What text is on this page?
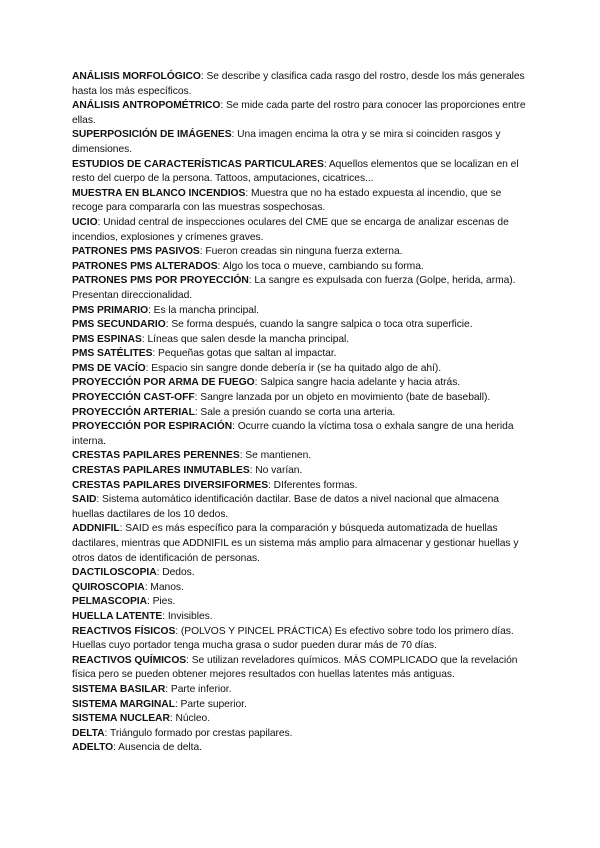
ANÁLISIS MORFOLÓGICO: Se describe y clasifica cada rasgo del rostro, desde los más generales hasta los más específicos.

ANÁLISIS ANTROPOMÉTRICO: Se mide cada parte del rostro para conocer las proporciones entre ellas.

SUPERPOSICIÓN DE IMÁGENES: Una imagen encima la otra y se mira si coinciden rasgos y dimensiones.

ESTUDIOS DE CARACTERÍSTICAS PARTICULARES: Aquellos elementos que se localizan en el resto del cuerpo de la persona. Tattoos, amputaciones, cicatrices...

MUESTRA EN BLANCO INCENDIOS: Muestra que no ha estado expuesta al incendio, que se recoge para compararla con las muestras sospechosas.

UCIO: Unidad central de inspecciones oculares del CME que se encarga de analizar escenas de incendios, explosiones y crímenes graves.

PATRONES PMS PASIVOS: Fueron creadas sin ninguna fuerza externa.

PATRONES PMS ALTERADOS: Algo los toca o mueve, cambiando su forma.

PATRONES PMS POR PROYECCIÓN: La sangre es expulsada con fuerza (Golpe, herida, arma). Presentan direccionalidad.

PMS PRIMARIO: Es la mancha principal.

PMS SECUNDARIO: Se forma después, cuando la sangre salpica o toca otra superficie.

PMS ESPINAS: Líneas que salen desde la mancha principal.

PMS SATÉLITES: Pequeñas gotas que saltan al impactar.

PMS DE VACÍO: Espacio sin sangre donde debería ir (se ha quitado algo de ahí).

PROYECCIÓN POR ARMA DE FUEGO: Salpica sangre hacia adelante y hacia atrás.

PROYECCIÓN CAST-OFF: Sangre lanzada por un objeto en movimiento (bate de baseball).

PROYECCIÓN ARTERIAL: Sale a presión cuando se corta una arteria.

PROYECCIÓN POR ESPIRACIÓN: Ocurre cuando la víctima tosa o exhala sangre de una herida interna.

CRESTAS PAPILARES PERENNES: Se mantienen.

CRESTAS PAPILARES INMUTABLES: No varían.

CRESTAS PAPILARES DIVERSIFORMES: DIferentes formas.

SAID: Sistema automático identificación dactilar. Base de datos a nivel nacional que almacena huellas dactilares de los 10 dedos.

ADDNIFIL: SAID es más específico para la comparación y búsqueda automatizada de huellas dactilares, mientras que ADDNIFIL es un sistema más amplio para almacenar y gestionar huellas y otros datos de identificación de personas.

DACTILOSCOPIA: Dedos.

QUIROSCOPIA: Manos.

PELMASCOPIA: Pies.

HUELLA LATENTE: Invisibles.

REACTIVOS FÍSICOS: (POLVOS Y PINCEL PRÁCTICA) Es efectivo sobre todo los primero días. Huellas cuyo portador tenga mucha grasa o sudor pueden durar más de 70 días.

REACTIVOS QUÍMICOS: Se utilizan reveladores químicos. MÁS COMPLICADO que la revelación física pero se pueden obtener mejores resultados con huellas latentes más antiguas.

SISTEMA BASILAR: Parte inferior.

SISTEMA MARGINAL: Parte superior.

SISTEMA NUCLEAR: Núcleo.

DELTA: Triángulo formado por crestas papilares.

ADELTO: Ausencia de delta.
